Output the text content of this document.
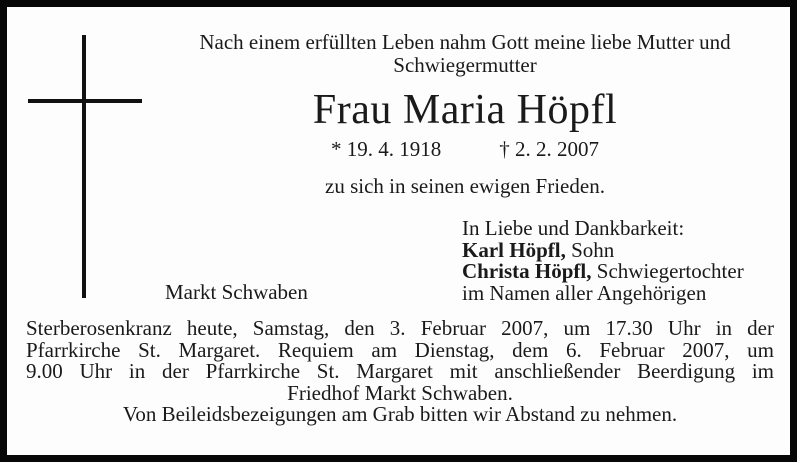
Nach einem erfüllten Leben nahm Gott meine liebe Mutter und
Schwiegermutter
Frau Maria Höpfl
* 19. 4. 1918	† 2. 2. 2007
zu sich in seinen ewigen Frieden.
In Liebe und Dankbarkeit:
Karl Höpfl, Sohn
Christa Höpfl, Schwiegertochter
im Namen aller Angehörigen
Markt Schwaben
Sterberosenkranz heute, Samstag, den 3. Februar 2007, um 17.30 Uhr in der
Pfarrkirche St. Margaret. Requiem am Dienstag, dem 6. Februar 2007, um
9.00 Uhr in der Pfarrkirche St. Margaret mit anschließender Beerdigung im
Friedhof Markt Schwaben.
Von Beileidsbezeigungen am Grab bitten wir Abstand zu nehmen.
